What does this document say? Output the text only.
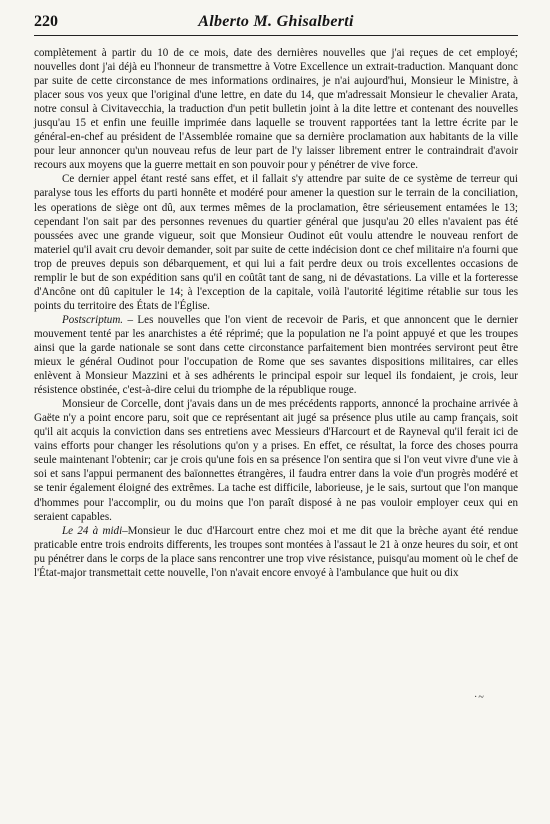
220	Alberto M. Ghisalberti

complètement à partir du 10 de ce mois, date des dernières nouvelles que j'ai reçues de cet employé; nouvelles dont j'ai déjà eu l'honneur de transmettre à Votre Excellence un extrait-traduction. Manquant donc par suite de cette circonstance de mes informations ordinaires, je n'ai aujourd'hui, Monsieur le Ministre, à placer sous vos yeux que l'original d'une lettre, en date du 14, que m'adressait Monsieur le chevalier Arata, notre consul à Civitavecchia, la traduction d'un petit bulletin joint à la dite lettre et contenant des nouvelles jusqu'au 15 et enfin une feuille imprimée dans laquelle se trouvent rapportées tant la lettre écrite par le général-en-chef au président de l'Assemblée romaine que sa dernière proclamation aux habitants de la ville pour leur annoncer qu'un nouveau refus de leur part de l'y laisser librement entrer le contraindrait d'avoir recours aux moyens que la guerre mettait en son pouvoir pour y pénétrer de vive force.

Ce dernier appel étant resté sans effet, et il fallait s'y attendre par suite de ce système de terreur qui paralyse tous les efforts du parti honnête et modéré pour amener la question sur le terrain de la conciliation, les operations de siège ont dû, aux termes mêmes de la proclamation, être sérieusement entamées le 13; cependant l'on sait par des personnes revenues du quartier général que jusqu'au 20 elles n'avaient pas été poussées avec une grande vigueur, soit que Monsieur Oudinot eût voulu attendre le nouveau renfort de materiel qu'il avait cru devoir demander, soit par suite de cette indécision dont ce chef militaire n'a fourni que trop de preuves depuis son débarquement, et qui lui a fait perdre deux ou trois excellentes occasions de remplir le but de son expédition sans qu'il en coûtât tant de sang, ni de dévastations. La ville et la forteresse d'Ancône ont dû capituler le 14; à l'exception de la capitale, voilà l'autorité légitime rétablie sur tous les points du territoire des États de l'Église.

Postscriptum. – Les nouvelles que l'on vient de recevoir de Paris, et que annoncent que le dernier mouvement tenté par les anarchistes a été réprimé; que la population ne l'a point appuyé et que les troupes ainsi que la garde nationale se sont dans cette circonstance parfaitement bien montrées serviront peut être mieux le général Oudinot pour l'occupation de Rome que ses savantes dispositions militaires, car elles enlèvent à Monsieur Mazzini et à ses adhérents le principal espoir sur lequel ils fondaient, je crois, leur résistence obstinée, c'est-à-dire celui du triomphe de la république rouge.

Monsieur de Corcelle, dont j'avais dans un de mes précédents rapports, annoncé la prochaine arrivée à Gaëte n'y a point encore paru, soit que ce représentant ait jugé sa présence plus utile au camp français, soit qu'il ait acquis la conviction dans ses entretiens avec Messieurs d'Harcourt et de Rayneval qu'il ferait ici de vains efforts pour changer les résolutions qu'on y a prises. En effet, ce résultat, la force des choses pourra seule maintenant l'obtenir; car je crois qu'une fois en sa présence l'on sentira que si l'on veut vivre d'une vie à soi et sans l'appui permanent des baïonnettes étrangères, il faudra entrer dans la voie d'un progrès modéré et se tenir également éloigné des extrêmes. La tache est difficile, laborieuse, je le sais, surtout que l'on manque d'hommes pour l'accomplir, ou du moins que l'on paraît disposé à ne pas vouloir employer ceux qui en seraient capables.

Le 24 à midi–Monsieur le duc d'Harcourt entre chez moi et me dit que la brèche ayant été rendue praticable entre trois endroits differents, les troupes sont montées à l'assaut le 21 à onze heures du soir, et ont pu pénétrer dans le corps de la place sans rencontrer une trop vive résistance, puisqu'au moment où le chef de l'État-major transmettait cette nouvelle, l'on n'avait encore envoyé à l'ambulance que huit ou dix

·~
